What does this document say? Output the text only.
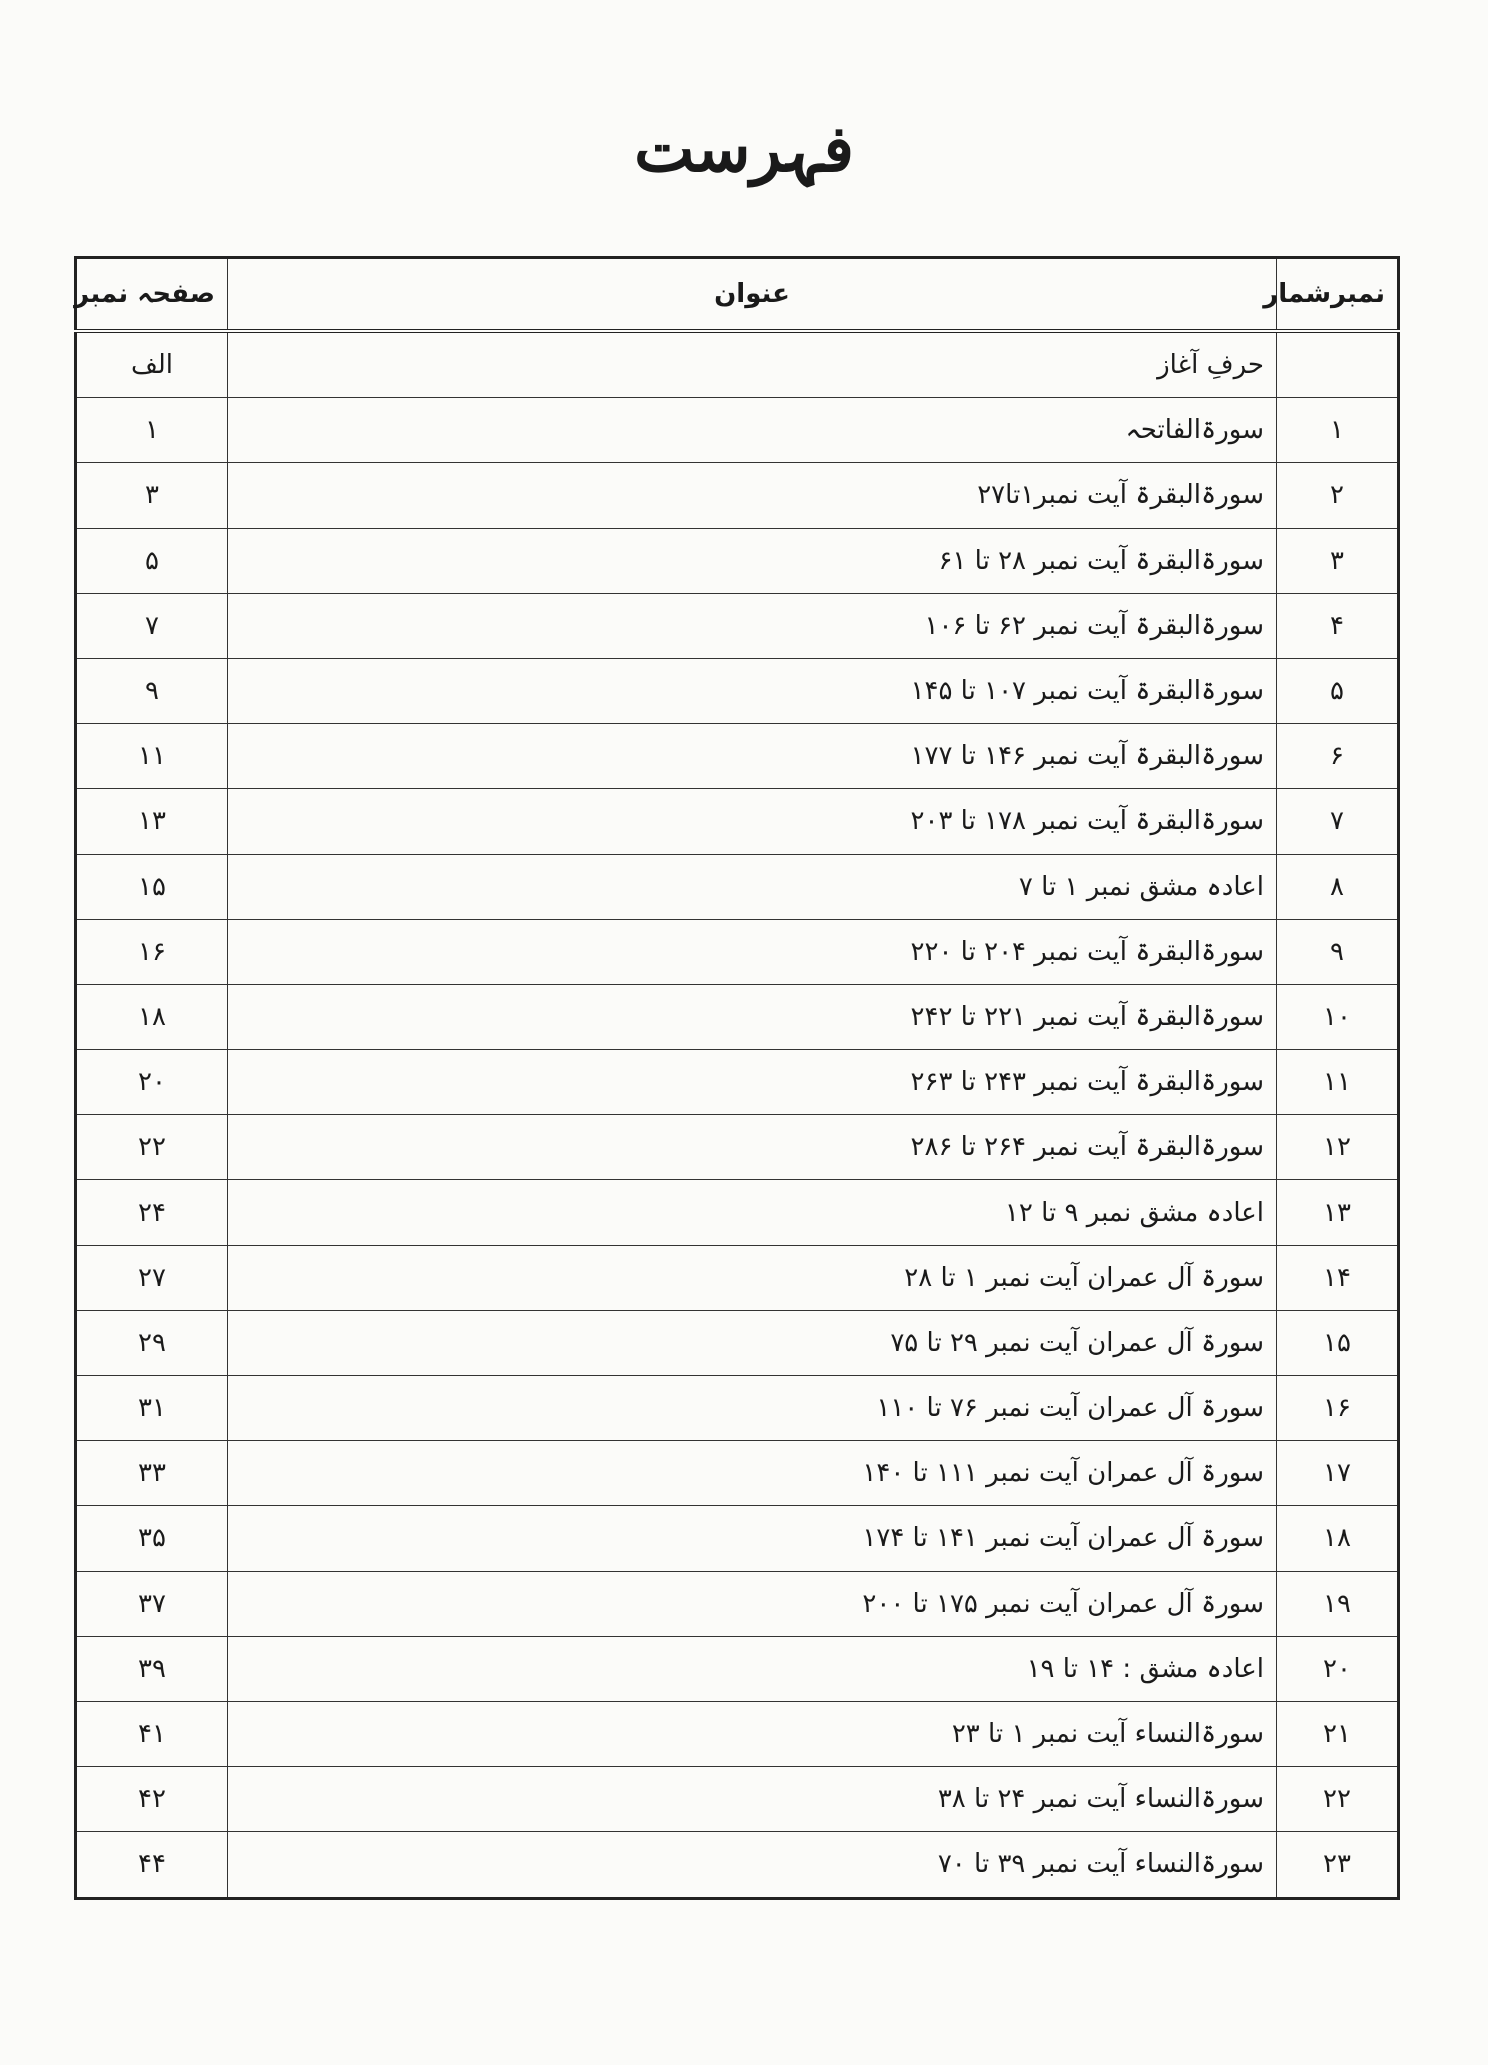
فہرست
نمبرشمار	عنوان	صفحہ نمبر
	حرفِ آغاز	الف
۱	سورۃالفاتحہ	۱
۲	سورۃالبقرۃ آیت نمبر۱تا۲۷	۳
۳	سورۃالبقرۃ آیت نمبر ۲۸ تا ۶۱	۵
۴	سورۃالبقرۃ آیت نمبر ۶۲ تا ۱۰۶	۷
۵	سورۃالبقرۃ آیت نمبر ۱۰۷ تا ۱۴۵	۹
۶	سورۃالبقرۃ آیت نمبر ۱۴۶ تا ۱۷۷	۱۱
۷	سورۃالبقرۃ آیت نمبر ۱۷۸ تا ۲۰۳	۱۳
۸	اعادہ مشق نمبر ۱ تا ۷	۱۵
۹	سورۃالبقرۃ آیت نمبر ۲۰۴ تا ۲۲۰	۱۶
۱۰	سورۃالبقرۃ آیت نمبر ۲۲۱ تا ۲۴۲	۱۸
۱۱	سورۃالبقرۃ آیت نمبر ۲۴۳ تا ۲۶۳	۲۰
۱۲	سورۃالبقرۃ آیت نمبر ۲۶۴ تا ۲۸۶	۲۲
۱۳	اعادہ مشق نمبر ۹ تا ۱۲	۲۴
۱۴	سورۃ آل عمران آیت نمبر ۱ تا ۲۸	۲۷
۱۵	سورۃ آل عمران آیت نمبر ۲۹ تا ۷۵	۲۹
۱۶	سورۃ آل عمران آیت نمبر ۷۶ تا ۱۱۰	۳۱
۱۷	سورۃ آل عمران آیت نمبر ۱۱۱ تا ۱۴۰	۳۳
۱۸	سورۃ آل عمران آیت نمبر ۱۴۱ تا ۱۷۴	۳۵
۱۹	سورۃ آل عمران آیت نمبر ۱۷۵ تا ۲۰۰	۳۷
۲۰	اعادہ مشق : ۱۴ تا ۱۹	۳۹
۲۱	سورۃالنساء آیت نمبر ۱ تا ۲۳	۴۱
۲۲	سورۃالنساء آیت نمبر ۲۴ تا ۳۸	۴۲
۲۳	سورۃالنساء آیت نمبر ۳۹ تا ۷۰	۴۴
